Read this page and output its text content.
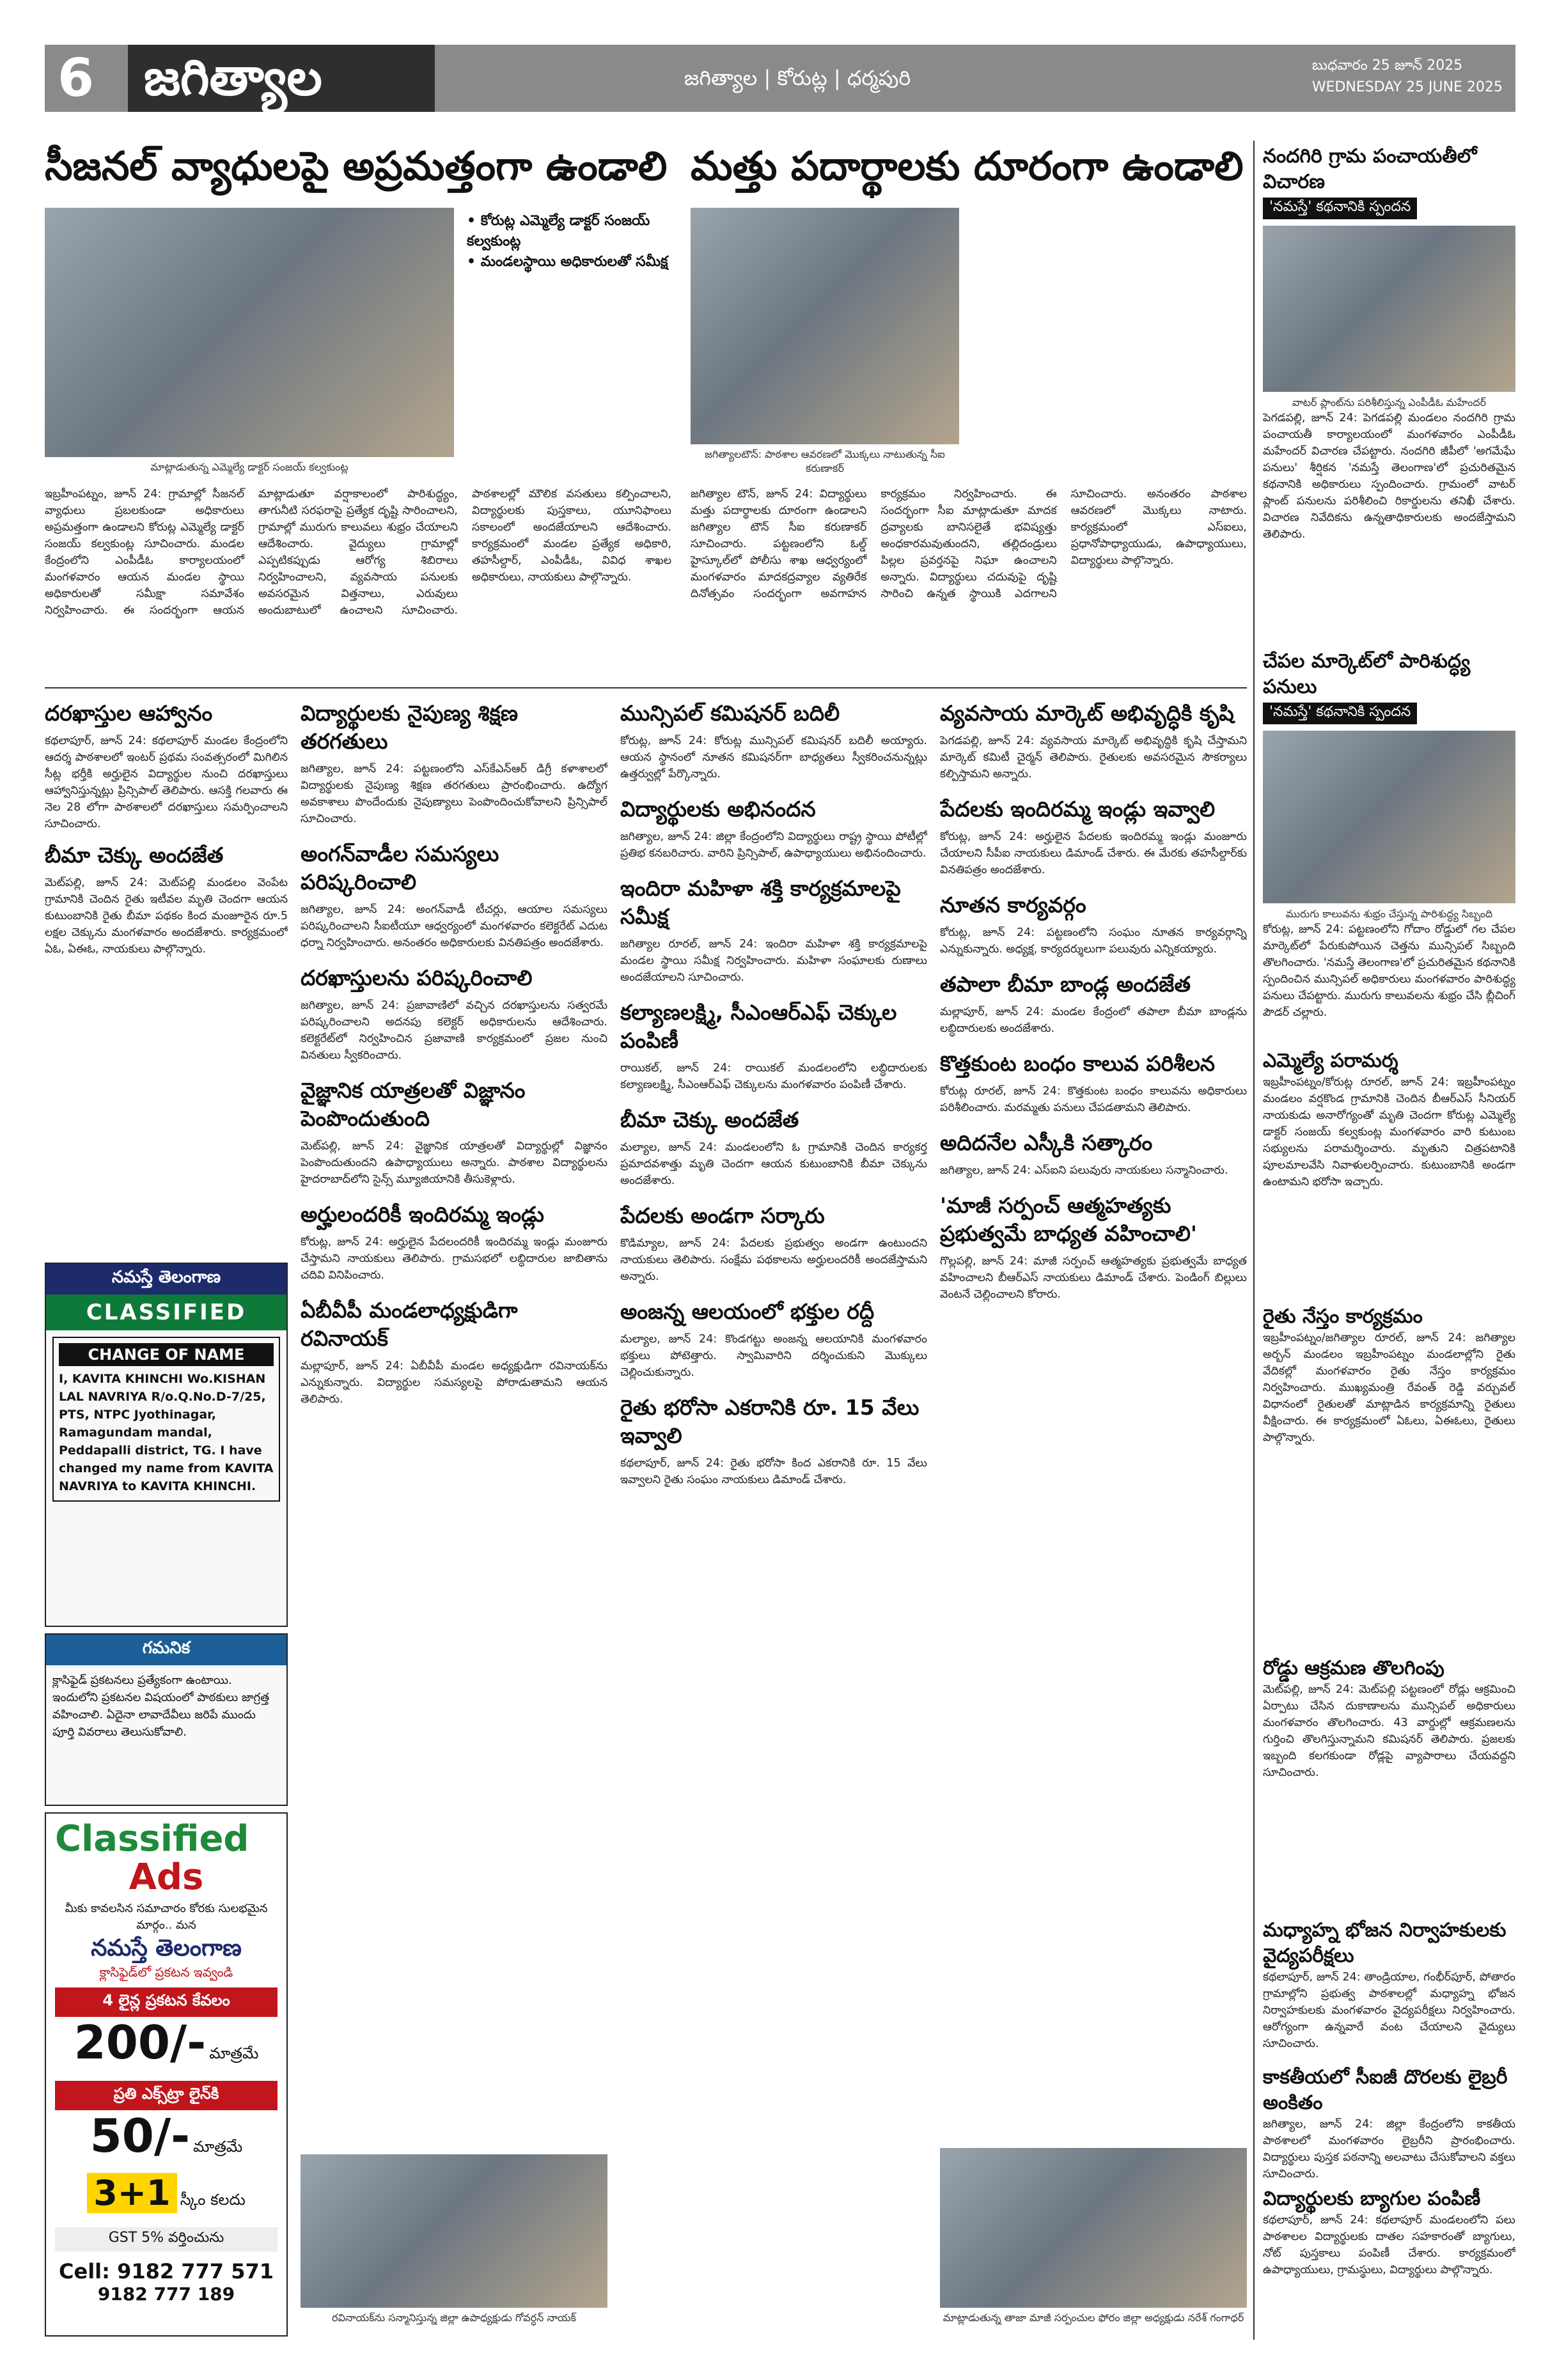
6 జగిత్యాల	జగిత్యాల | కోరుట్ల | ధర్మపురి
బుధవారం 25 జూన్ 2025
WEDNESDAY 25 JUNE 2025
సీజనల్ వ్యాధులపై అప్రమత్తంగా ఉండాలి
మాట్లాడుతున్న ఎమ్మెల్యే డాక్టర్ సంజయ్ కల్వకుంట్ల
• కోరుట్ల ఎమ్మెల్యే డాక్టర్ సంజయ్ కల్వకుంట్ల
• మండలస్థాయి అధికారులతో సమీక్ష
ఇబ్రహీంపట్నం, జూన్ 24: గ్రామాల్లో సీజనల్ వ్యాధులు ప్రబలకుండా అధికారులు అప్రమత్తంగా ఉండాలని కోరుట్ల ఎమ్మెల్యే డాక్టర్ సంజయ్ కల్వకుంట్ల సూచించారు. మండల కేంద్రంలోని ఎంపీడీఓ కార్యాలయంలో మంగళవారం ఆయన మండల స్థాయి అధికారులతో సమీక్షా సమావేశం నిర్వహించారు. ఈ సందర్భంగా ఆయన మాట్లాడుతూ వర్షాకాలంలో పారిశుద్ధ్యం, తాగునీటి సరఫరాపై ప్రత్యేక దృష్టి సారించాలని, గ్రామాల్లో మురుగు కాలువలు శుభ్రం చేయాలని ఆదేశించారు. వైద్యులు గ్రామాల్లో ఎప్పటికప్పుడు ఆరోగ్య శిబిరాలు నిర్వహించాలని, వ్యవసాయ పనులకు అవసరమైన విత్తనాలు, ఎరువులు అందుబాటులో ఉంచాలని సూచించారు. పాఠశాలల్లో మౌలిక వసతులు కల్పించాలని, విద్యార్థులకు పుస్తకాలు, యూనిఫాంలు సకాలంలో అందజేయాలని ఆదేశించారు. కార్యక్రమంలో మండల ప్రత్యేక అధికారి, తహసీల్దార్, ఎంపీడీఓ, వివిధ శాఖల అధికారులు, నాయకులు పాల్గొన్నారు.
మత్తు పదార్థాలకు దూరంగా ఉండాలి
జగిత్యాలటౌన్: పాఠశాల ఆవరణలో మొక్కలు నాటుతున్న సీఐ కరుణాకర్
జగిత్యాల టౌన్, జూన్ 24: విద్యార్థులు మత్తు పదార్థాలకు దూరంగా ఉండాలని జగిత్యాల టౌన్ సీఐ కరుణాకర్ సూచించారు. పట్టణంలోని ఓల్డ్ హైస్కూల్‌లో పోలీసు శాఖ ఆధ్వర్యంలో మంగళవారం మాదకద్రవ్యాల వ్యతిరేక దినోత్సవం సందర్భంగా అవగాహన కార్యక్రమం నిర్వహించారు. ఈ సందర్భంగా సీఐ మాట్లాడుతూ మాదక ద్రవ్యాలకు బానిసలైతే భవిష్యత్తు అంధకారమవుతుందని, తల్లిదండ్రులు పిల్లల ప్రవర్తనపై నిఘా ఉంచాలని అన్నారు. విద్యార్థులు చదువుపై దృష్టి సారించి ఉన్నత స్థాయికి ఎదగాలని సూచించారు. అనంతరం పాఠశాల ఆవరణలో మొక్కలు నాటారు. కార్యక్రమంలో ఎస్ఐలు, ప్రధానోపాధ్యాయుడు, ఉపాధ్యాయులు, విద్యార్థులు పాల్గొన్నారు.
నందగిరి గ్రామ పంచాయతీలో విచారణ
'నమస్తే' కథనానికి స్పందన
వాటర్ ప్లాంట్‌ను పరిశీలిస్తున్న ఎంపీడీఓ మహేందర్
పెగడపల్లి, జూన్ 24: పెగడపల్లి మండలం నందగిరి గ్రామ పంచాయతీ కార్యాలయంలో మంగళవారం ఎంపీడీఓ మహేందర్ విచారణ చేపట్టారు. నందగిరి జీపీలో 'అగమేఘే పనులు' శీర్షికన 'నమస్తే తెలంగాణ'లో ప్రచురితమైన కథనానికి అధికారులు స్పందించారు. గ్రామంలో వాటర్ ప్లాంట్ పనులను పరిశీలించి రికార్డులను తనిఖీ చేశారు. విచారణ నివేదికను ఉన్నతాధికారులకు అందజేస్తామని తెలిపారు.
చేపల మార్కెట్‌లో పారిశుద్ధ్య పనులు
'నమస్తే' కథనానికి స్పందన
మురుగు కాలువను శుభ్రం చేస్తున్న పారిశుద్ధ్య సిబ్బంది
కోరుట్ల, జూన్ 24: పట్టణంలోని గోదాం రోడ్డులో గల చేపల మార్కెట్‌లో పేరుకుపోయిన చెత్తను మున్సిపల్ సిబ్బంది తొలగించారు. 'నమస్తే తెలంగాణ'లో ప్రచురితమైన కథనానికి స్పందించిన మున్సిపల్ అధికారులు మంగళవారం పారిశుద్ధ్య పనులు చేపట్టారు. మురుగు కాలువలను శుభ్రం చేసి బ్లీచింగ్ పౌడర్ చల్లారు.
ఎమ్మెల్యే పరామర్శ
ఇబ్రహీంపట్నం/కోరుట్ల రూరల్, జూన్ 24: ఇబ్రహీంపట్నం మండలం వర్షకొండ గ్రామానికి చెందిన బీఆర్ఎస్ సీనియర్ నాయకుడు అనారోగ్యంతో మృతి చెందగా కోరుట్ల ఎమ్మెల్యే డాక్టర్ సంజయ్ కల్వకుంట్ల మంగళవారం వారి కుటుంబ సభ్యులను పరామర్శించారు. మృతుని చిత్రపటానికి పూలమాలవేసి నివాళులర్పించారు. కుటుంబానికి అండగా ఉంటామని భరోసా ఇచ్చారు.
రైతు నేస్తం కార్యక్రమం
ఇబ్రహీంపట్నం/జగిత్యాల రూరల్, జూన్ 24: జగిత్యాల అర్బన్ మండలం ఇబ్రహీంపట్నం మండలాల్లోని రైతు వేదికల్లో మంగళవారం రైతు నేస్తం కార్యక్రమం నిర్వహించారు. ముఖ్యమంత్రి రేవంత్ రెడ్డి వర్చువల్ విధానంలో రైతులతో మాట్లాడిన కార్యక్రమాన్ని రైతులు వీక్షించారు. ఈ కార్యక్రమంలో ఏఓలు, ఏఈఓలు, రైతులు పాల్గొన్నారు.
రోడ్డు ఆక్రమణ తొలగింపు
మెట్‌పల్లి, జూన్ 24: మెట్‌పల్లి పట్టణంలో రోడ్లు ఆక్రమించి ఏర్పాటు చేసిన దుకాణాలను మున్సిపల్ అధికారులు మంగళవారం తొలగించారు. 43 వార్డుల్లో ఆక్రమణలను గుర్తించి తొలగిస్తున్నామని కమిషనర్ తెలిపారు. ప్రజలకు ఇబ్బంది కలగకుండా రోడ్లపై వ్యాపారాలు చేయవద్దని సూచించారు.
మధ్యాహ్న భోజన నిర్వాహకులకు వైద్యపరీక్షలు
కథలాపూర్, జూన్ 24: తాండ్రియాల, గంభీర్‌పూర్, పోతారం గ్రామాల్లోని ప్రభుత్వ పాఠశాలల్లో మధ్యాహ్న భోజన నిర్వాహకులకు మంగళవారం వైద్యపరీక్షలు నిర్వహించారు. ఆరోగ్యంగా ఉన్నవారే వంట చేయాలని వైద్యులు సూచించారు.
కాకతీయలో సీఐజీ దొరలకు లైబ్రరీ అంకితం
జగిత్యాల, జూన్ 24: జిల్లా కేంద్రంలోని కాకతీయ పాఠశాలలో మంగళవారం లైబ్రరీని ప్రారంభించారు. విద్యార్థులు పుస్తక పఠనాన్ని అలవాటు చేసుకోవాలని వక్తలు సూచించారు.
విద్యార్థులకు బ్యాగుల పంపిణీ
కథలాపూర్, జూన్ 24: కథలాపూర్ మండలంలోని పలు పాఠశాలల విద్యార్థులకు దాతల సహకారంతో బ్యాగులు, నోట్ పుస్తకాలు పంపిణీ చేశారు. కార్యక్రమంలో ఉపాధ్యాయులు, గ్రామస్థులు, విద్యార్థులు పాల్గొన్నారు.
దరఖాస్తుల ఆహ్వానం
కథలాపూర్, జూన్ 24: కథలాపూర్ మండల కేంద్రంలోని ఆదర్శ పాఠశాలలో ఇంటర్ ప్రథమ సంవత్సరంలో మిగిలిన సీట్ల భర్తీకి అర్హులైన విద్యార్థుల నుంచి దరఖాస్తులు ఆహ్వానిస్తున్నట్లు ప్రిన్సిపాల్ తెలిపారు. ఆసక్తి గలవారు ఈ నెల 28 లోగా పాఠశాలలో దరఖాస్తులు సమర్పించాలని సూచించారు.
బీమా చెక్కు అందజేత
మెట్‌పల్లి, జూన్ 24: మెట్‌పల్లి మండలం వెంపేట గ్రామానికి చెందిన రైతు ఇటీవల మృతి చెందగా ఆయన కుటుంబానికి రైతు బీమా పథకం కింద మంజూరైన రూ.5 లక్షల చెక్కును మంగళవారం అందజేశారు. కార్యక్రమంలో ఏఓ, ఏఈఓ, నాయకులు పాల్గొన్నారు.
నమస్తే తెలంగాణ
CLASSIFIED
CHANGE OF NAME
I, KAVITA KHINCHI Wo.KISHAN LAL NAVRIYA R/o.Q.No.D-7/25, PTS, NTPC Jyothinagar, Ramagundam mandal, Peddapalli district, TG. I have changed my name from KAVITA NAVRIYA to KAVITA KHINCHI.
గమనిక
క్లాసిఫైడ్ ప్రకటనలు ప్రత్యేకంగా ఉంటాయి. ఇందులోని ప్రకటనల విషయంలో పాఠకులు జాగ్రత్త వహించాలి. ఏదైనా లావాదేవీలు జరిపే ముందు పూర్తి వివరాలు తెలుసుకోవాలి.
Classified
Ads
మీకు కావలసిన సమాచారం కోరకు సులభమైన మార్గం.. మన
నమస్తే తెలంగాణ
క్లాసిఫైడ్‌లో ప్రకటన ఇవ్వండి
4 లైన్ల ప్రకటన కేవలం
200/- మాత్రమే
ప్రతి ఎక్స్‌ట్రా లైన్‌కి
50/- మాత్రమే
3+1 స్కీం కలదు
GST 5% వర్తించును
Cell: 9182 777 571
9182 777 189
విద్యార్థులకు నైపుణ్య శిక్షణ తరగతులు
జగిత్యాల, జూన్ 24: పట్టణంలోని ఎస్‌కేఎన్‌ఆర్ డిగ్రీ కళాశాలలో విద్యార్థులకు నైపుణ్య శిక్షణ తరగతులు ప్రారంభించారు. ఉద్యోగ అవకాశాలు పొందేందుకు నైపుణ్యాలు పెంపొందించుకోవాలని ప్రిన్సిపాల్ సూచించారు.
అంగన్‌వాడీల సమస్యలు పరిష్కరించాలి
జగిత్యాల, జూన్ 24: అంగన్‌వాడీ టీచర్లు, ఆయాల సమస్యలు పరిష్కరించాలని సీఐటీయూ ఆధ్వర్యంలో మంగళవారం కలెక్టరేట్ ఎదుట ధర్నా నిర్వహించారు. అనంతరం అధికారులకు వినతిపత్రం అందజేశారు.
దరఖాస్తులను పరిష్కరించాలి
జగిత్యాల, జూన్ 24: ప్రజావాణిలో వచ్చిన దరఖాస్తులను సత్వరమే పరిష్కరించాలని అదనపు కలెక్టర్ అధికారులను ఆదేశించారు. కలెక్టరేట్‌లో నిర్వహించిన ప్రజావాణి కార్యక్రమంలో ప్రజల నుంచి వినతులు స్వీకరించారు.
వైజ్ఞానిక యాత్రలతో విజ్ఞానం పెంపొందుతుంది
మెట్‌పల్లి, జూన్ 24: వైజ్ఞానిక యాత్రలతో విద్యార్థుల్లో విజ్ఞానం పెంపొందుతుందని ఉపాధ్యాయులు అన్నారు. పాఠశాల విద్యార్థులను హైదరాబాద్‌లోని సైన్స్ మ్యూజియానికి తీసుకెళ్లారు.
అర్హులందరికీ ఇందిరమ్మ ఇండ్లు
కోరుట్ల, జూన్ 24: అర్హులైన పేదలందరికీ ఇందిరమ్మ ఇండ్లు మంజూరు చేస్తామని నాయకులు తెలిపారు. గ్రామసభలో లబ్ధిదారుల జాబితాను చదివి వినిపించారు.
ఏబీవీపీ మండలాధ్యక్షుడిగా రవినాయక్
మల్లాపూర్, జూన్ 24: ఏబీవీపీ మండల అధ్యక్షుడిగా రవినాయక్‌ను ఎన్నుకున్నారు. విద్యార్థుల సమస్యలపై పోరాడుతామని ఆయన తెలిపారు.
రవినాయక్‌ను సన్మానిస్తున్న జిల్లా ఉపాధ్యక్షుడు గోవర్ధన్ నాయక్
మున్సిపల్ కమిషనర్ బదిలీ
కోరుట్ల, జూన్ 24: కోరుట్ల మున్సిపల్ కమిషనర్ బదిలీ అయ్యారు. ఆయన స్థానంలో నూతన కమిషనర్‌గా బాధ్యతలు స్వీకరించనున్నట్లు ఉత్తర్వుల్లో పేర్కొన్నారు.
విద్యార్థులకు అభినందన
జగిత్యాల, జూన్ 24: జిల్లా కేంద్రంలోని విద్యార్థులు రాష్ట్ర స్థాయి పోటీల్లో ప్రతిభ కనబరిచారు. వారిని ప్రిన్సిపాల్, ఉపాధ్యాయులు అభినందించారు.
ఇందిరా మహిళా శక్తి కార్యక్రమాలపై సమీక్ష
జగిత్యాల రూరల్, జూన్ 24: ఇందిరా మహిళా శక్తి కార్యక్రమాలపై మండల స్థాయి సమీక్ష నిర్వహించారు. మహిళా సంఘాలకు రుణాలు అందజేయాలని సూచించారు.
కల్యాణలక్ష్మి, సీఎంఆర్ఎఫ్ చెక్కుల పంపిణీ
రాయికల్, జూన్ 24: రాయికల్ మండలంలోని లబ్ధిదారులకు కల్యాణలక్ష్మి, సీఎంఆర్ఎఫ్ చెక్కులను మంగళవారం పంపిణీ చేశారు.
బీమా చెక్కు అందజేత
మల్యాల, జూన్ 24: మండలంలోని ఓ గ్రామానికి చెందిన కార్యకర్త ప్రమాదవశాత్తు మృతి చెందగా ఆయన కుటుంబానికి బీమా చెక్కును అందజేశారు.
పేదలకు అండగా సర్కారు
కొడిమ్యాల, జూన్ 24: పేదలకు ప్రభుత్వం అండగా ఉంటుందని నాయకులు తెలిపారు. సంక్షేమ పథకాలను అర్హులందరికీ అందజేస్తామని అన్నారు.
అంజన్న ఆలయంలో భక్తుల రద్దీ
మల్యాల, జూన్ 24: కొండగట్టు అంజన్న ఆలయానికి మంగళవారం భక్తులు పోటెత్తారు. స్వామివారిని దర్శించుకుని మొక్కులు చెల్లించుకున్నారు.
రైతు భరోసా ఎకరానికి రూ. 15 వేలు ఇవ్వాలి
కథలాపూర్, జూన్ 24: రైతు భరోసా కింద ఎకరానికి రూ. 15 వేలు ఇవ్వాలని రైతు సంఘం నాయకులు డిమాండ్ చేశారు.
వ్యవసాయ మార్కెట్ అభివృద్ధికి కృషి
పెగడపల్లి, జూన్ 24: వ్యవసాయ మార్కెట్ అభివృద్ధికి కృషి చేస్తామని మార్కెట్ కమిటీ చైర్మన్ తెలిపారు. రైతులకు అవసరమైన సౌకర్యాలు కల్పిస్తామని అన్నారు.
పేదలకు ఇందిరమ్మ ఇండ్లు ఇవ్వాలి
కోరుట్ల, జూన్ 24: అర్హులైన పేదలకు ఇందిరమ్మ ఇండ్లు మంజూరు చేయాలని సీపీఐ నాయకులు డిమాండ్ చేశారు. ఈ మేరకు తహసీల్దార్‌కు వినతిపత్రం అందజేశారు.
నూతన కార్యవర్గం
కోరుట్ల, జూన్ 24: పట్టణంలోని సంఘం నూతన కార్యవర్గాన్ని ఎన్నుకున్నారు. అధ్యక్ష, కార్యదర్శులుగా పలువురు ఎన్నికయ్యారు.
తపాలా బీమా బాండ్ల అందజేత
మల్లాపూర్, జూన్ 24: మండల కేంద్రంలో తపాలా బీమా బాండ్లను లబ్ధిదారులకు అందజేశారు.
కొత్తకుంట బంధం కాలువ పరిశీలన
కోరుట్ల రూరల్, జూన్ 24: కొత్తకుంట బంధం కాలువను అధికారులు పరిశీలించారు. మరమ్మతు పనులు చేపడతామని తెలిపారు.
అదిదనేల ఎస్కీకి సత్కారం
జగిత్యాల, జూన్ 24: ఎస్ఐని పలువురు నాయకులు సన్మానించారు.
'మాజీ సర్పంచ్ ఆత్మహత్యకు ప్రభుత్వమే బాధ్యత వహించాలి'
గొల్లపల్లి, జూన్ 24: మాజీ సర్పంచ్ ఆత్మహత్యకు ప్రభుత్వమే బాధ్యత వహించాలని బీఆర్ఎస్ నాయకులు డిమాండ్ చేశారు. పెండింగ్ బిల్లులు వెంటనే చెల్లించాలని కోరారు.
మాట్లాడుతున్న తాజా మాజీ సర్పంచుల ఫోరం జిల్లా అధ్యక్షుడు నరేశ్ గంగాధర్
